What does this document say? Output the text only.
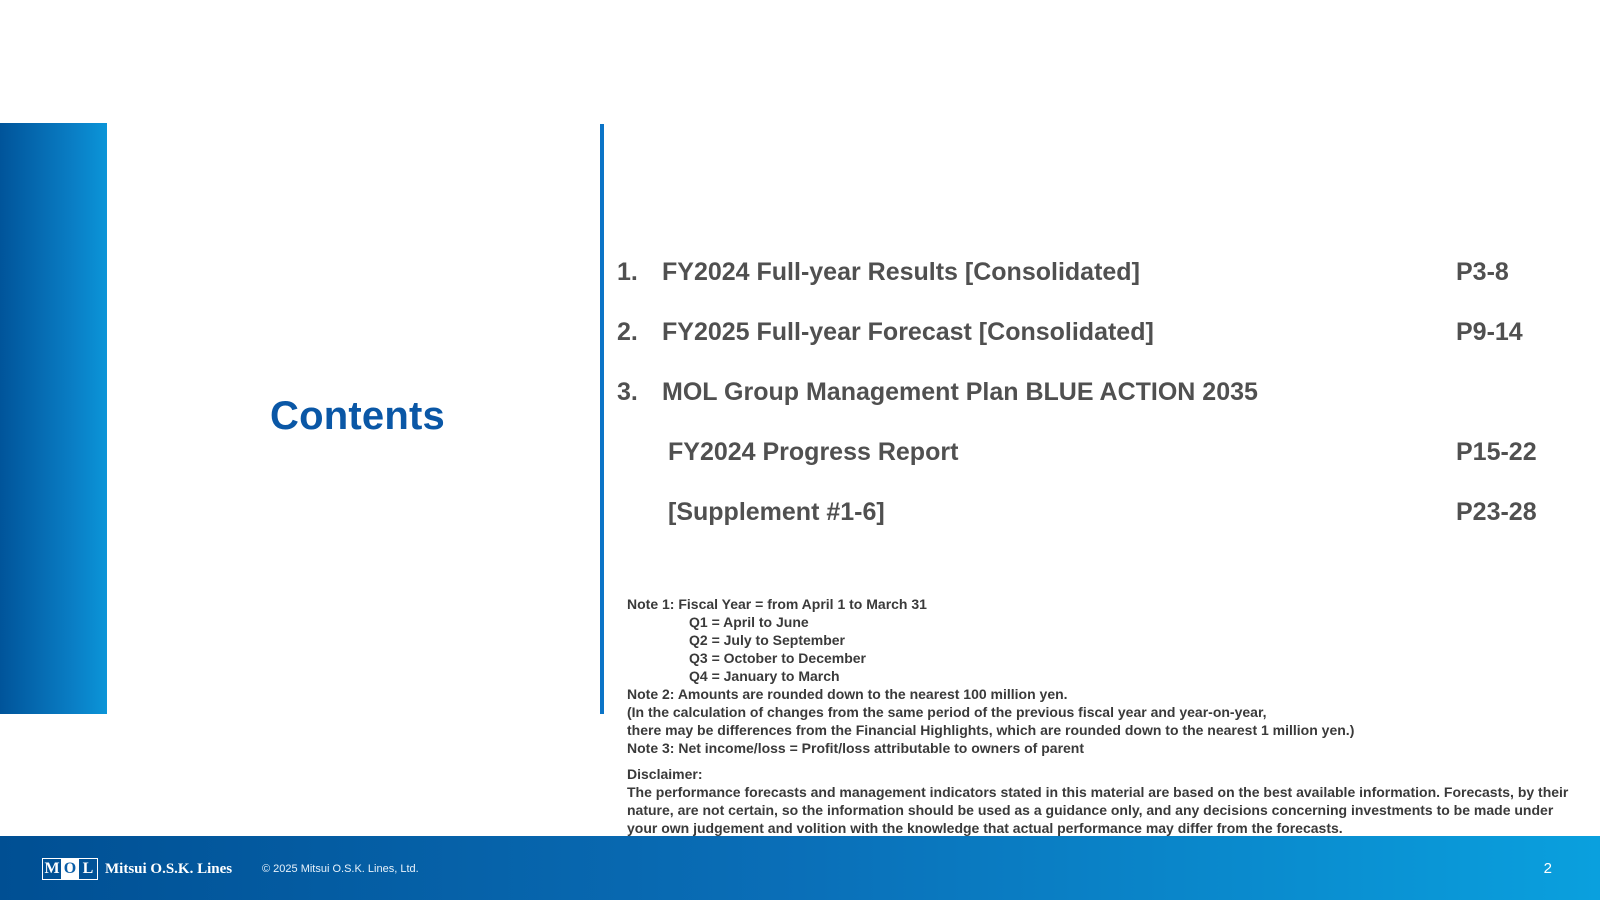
Contents
1. FY2024 Full-year Results [Consolidated]	P3-8
2. FY2025 Full-year Forecast [Consolidated]	P9-14
3. MOL Group Management Plan BLUE ACTION 2035
FY2024 Progress Report	P15-22
[Supplement #1-6]	P23-28
Note 1: Fiscal Year = from April 1 to March 31
Q1 = April to June
Q2 = July to September
Q3 = October to December
Q4 = January to March
Note 2: Amounts are rounded down to the nearest 100 million yen.
(In the calculation of changes from the same period of the previous fiscal year and year-on-year,
there may be differences from the Financial Highlights, which are rounded down to the nearest 1 million yen.)
Note 3: Net income/loss = Profit/loss attributable to owners of parent
Disclaimer:
The performance forecasts and management indicators stated in this material are based on the best available information. Forecasts, by their nature, are not certain, so the information should be used as a guidance only, and any decisions concerning investments to be made under your own judgement and volition with the knowledge that actual performance may differ from the forecasts.
M O L Mitsui O.S.K. Lines	© 2025 Mitsui O.S.K. Lines, Ltd.	2
